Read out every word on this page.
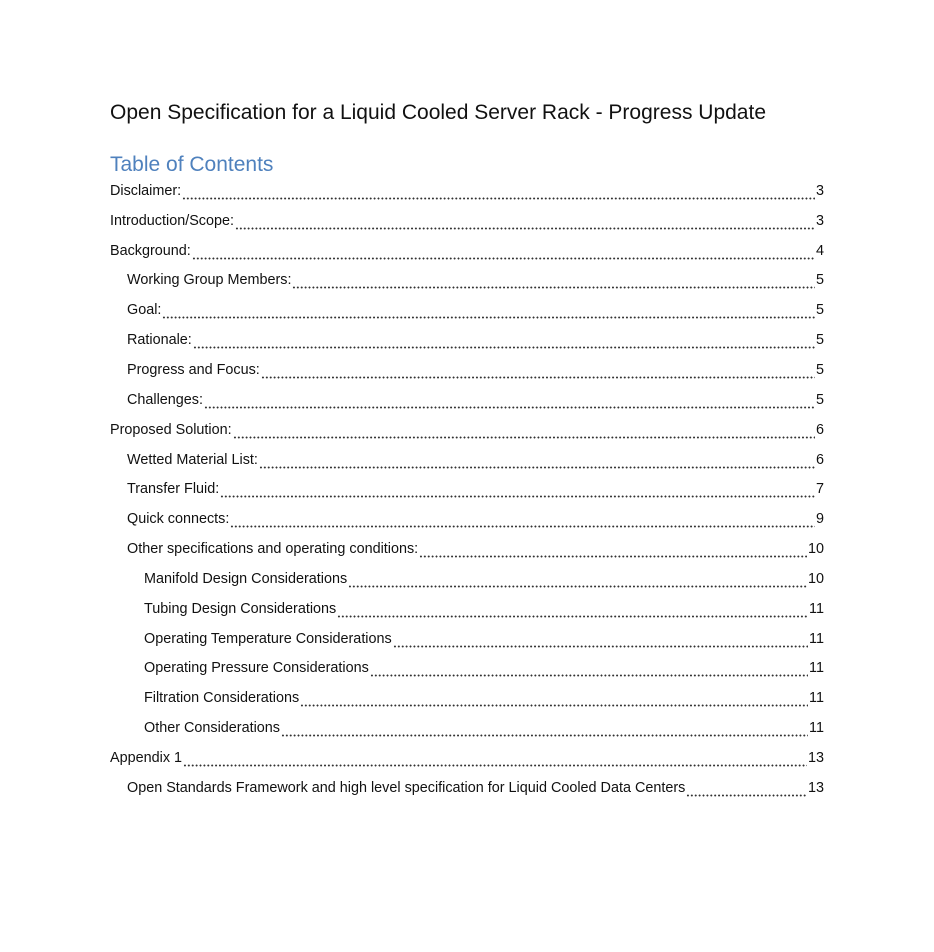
Open Specification for a Liquid Cooled Server Rack - Progress Update
Table of Contents
Disclaimer:	3
Introduction/Scope:	3
Background:	4
Working Group Members:	5
Goal:	5
Rationale:	5
Progress and Focus:	5
Challenges:	5
Proposed Solution:	6
Wetted Material List:	6
Transfer Fluid:	7
Quick connects:	9
Other specifications and operating conditions:	10
Manifold Design Considerations	10
Tubing Design Considerations	11
Operating Temperature Considerations	11
Operating Pressure Considerations	11
Filtration Considerations	11
Other Considerations	11
Appendix 1	13
Open Standards Framework and high level specification for Liquid Cooled Data Centers	13
